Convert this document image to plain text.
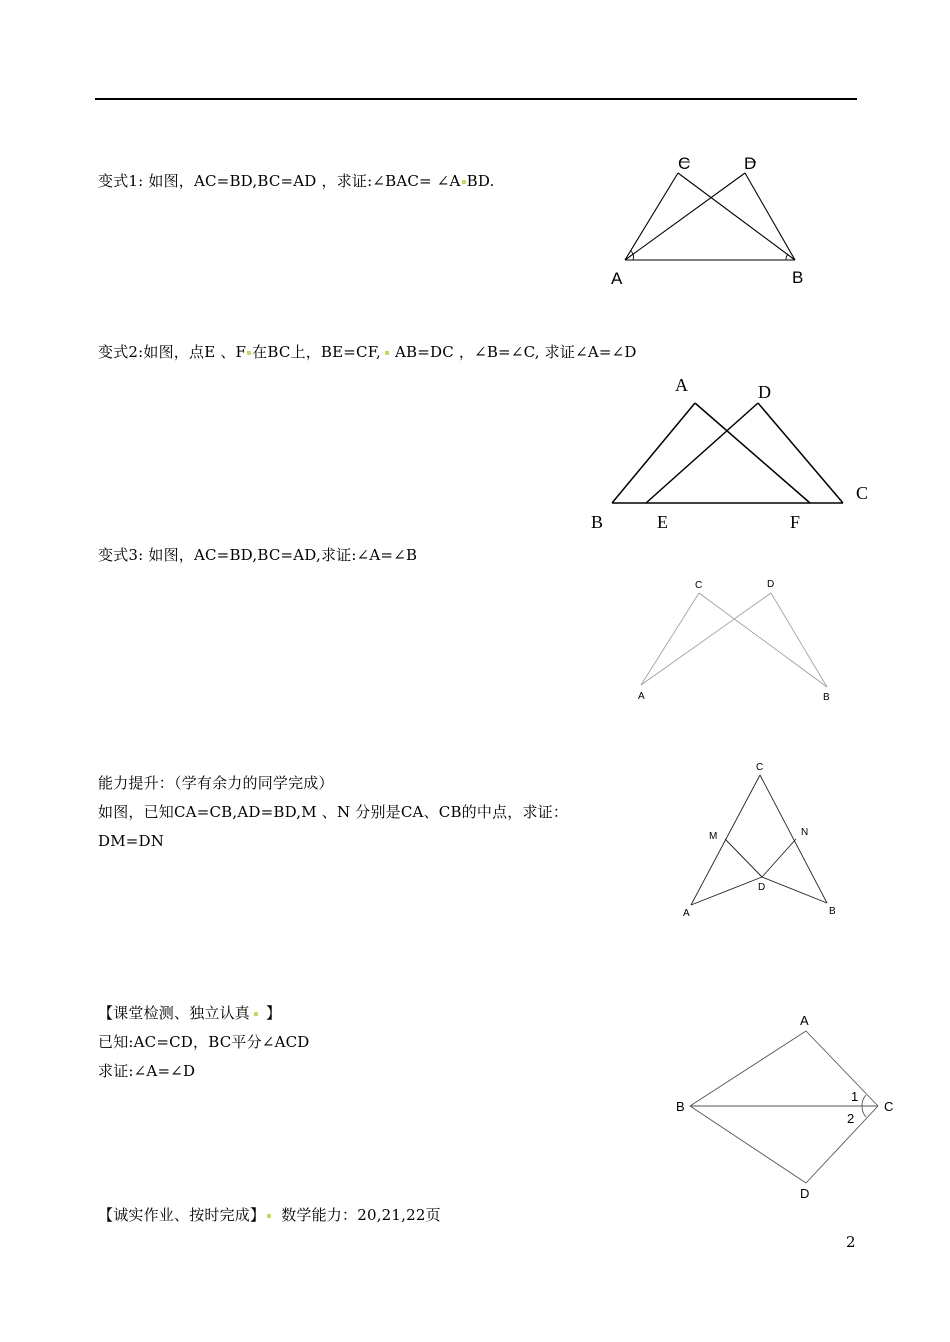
变式1: 如图，AC=BD,BC=AD ，求证:∠BAC= ∠A BD.
变式2:如图，点E 、F 在BC上，BE=CF, AB=DC ，∠B=∠C, 求证∠A=∠D
变式3: 如图，AC=BD,BC=AD,求证:∠A=∠B
能力提升：（学有余力的同学完成）
如图，已知CA=CB,AD=BD,M 、N 分别是CA、CB的中点，求证：
DM=DN
【课堂检测、独立认真 】
已知:AC=CD，BC平分∠ACD
求证:∠A=∠D
【诚实作业、按时完成】 数学能力：20,21,22页
2
C	D
A	B
A	D
B	E	F
C
C	D
A	B
C
M	N
D
A	B
A
B	C
D
1
2
